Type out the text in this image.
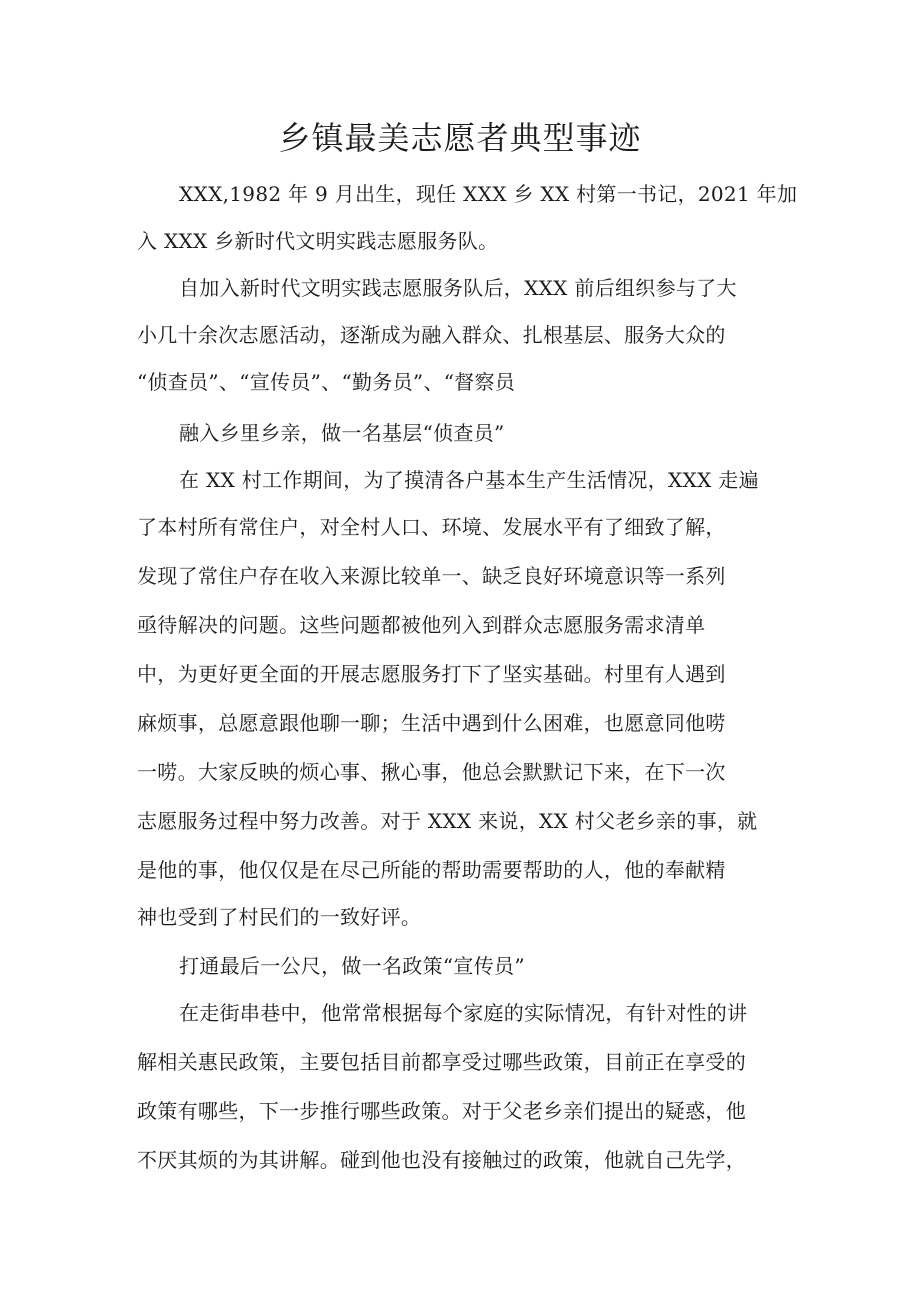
乡镇最美志愿者典型事迹
XXX,1982 年 9 月出生，现任 XXX 乡 XX 村第一书记，2021 年加
入 XXX 乡新时代文明实践志愿服务队。
自加入新时代文明实践志愿服务队后，XXX 前后组织参与了大
小几十余次志愿活动，逐渐成为融入群众、扎根基层、服务大众的
“侦查员”、“宣传员”、“勤务员”、“督察员
融入乡里乡亲，做一名基层“侦查员”
在 XX 村工作期间，为了摸清各户基本生产生活情况，XXX 走遍
了本村所有常住户，对全村人口、环境、发展水平有了细致了解，
发现了常住户存在收入来源比较单一、缺乏良好环境意识等一系列
亟待解决的问题。这些问题都被他列入到群众志愿服务需求清单
中，为更好更全面的开展志愿服务打下了坚实基础。村里有人遇到
麻烦事，总愿意跟他聊一聊；生活中遇到什么困难，也愿意同他唠
一唠。大家反映的烦心事、揪心事，他总会默默记下来，在下一次
志愿服务过程中努力改善。对于 XXX 来说，XX 村父老乡亲的事，就
是他的事，他仅仅是在尽己所能的帮助需要帮助的人，他的奉献精
神也受到了村民们的一致好评。
打通最后一公尺，做一名政策“宣传员”
在走街串巷中，他常常根据每个家庭的实际情况，有针对性的讲
解相关惠民政策，主要包括目前都享受过哪些政策，目前正在享受的
政策有哪些，下一步推行哪些政策。对于父老乡亲们提出的疑惑，他
不厌其烦的为其讲解。碰到他也没有接触过的政策，他就自己先学，
